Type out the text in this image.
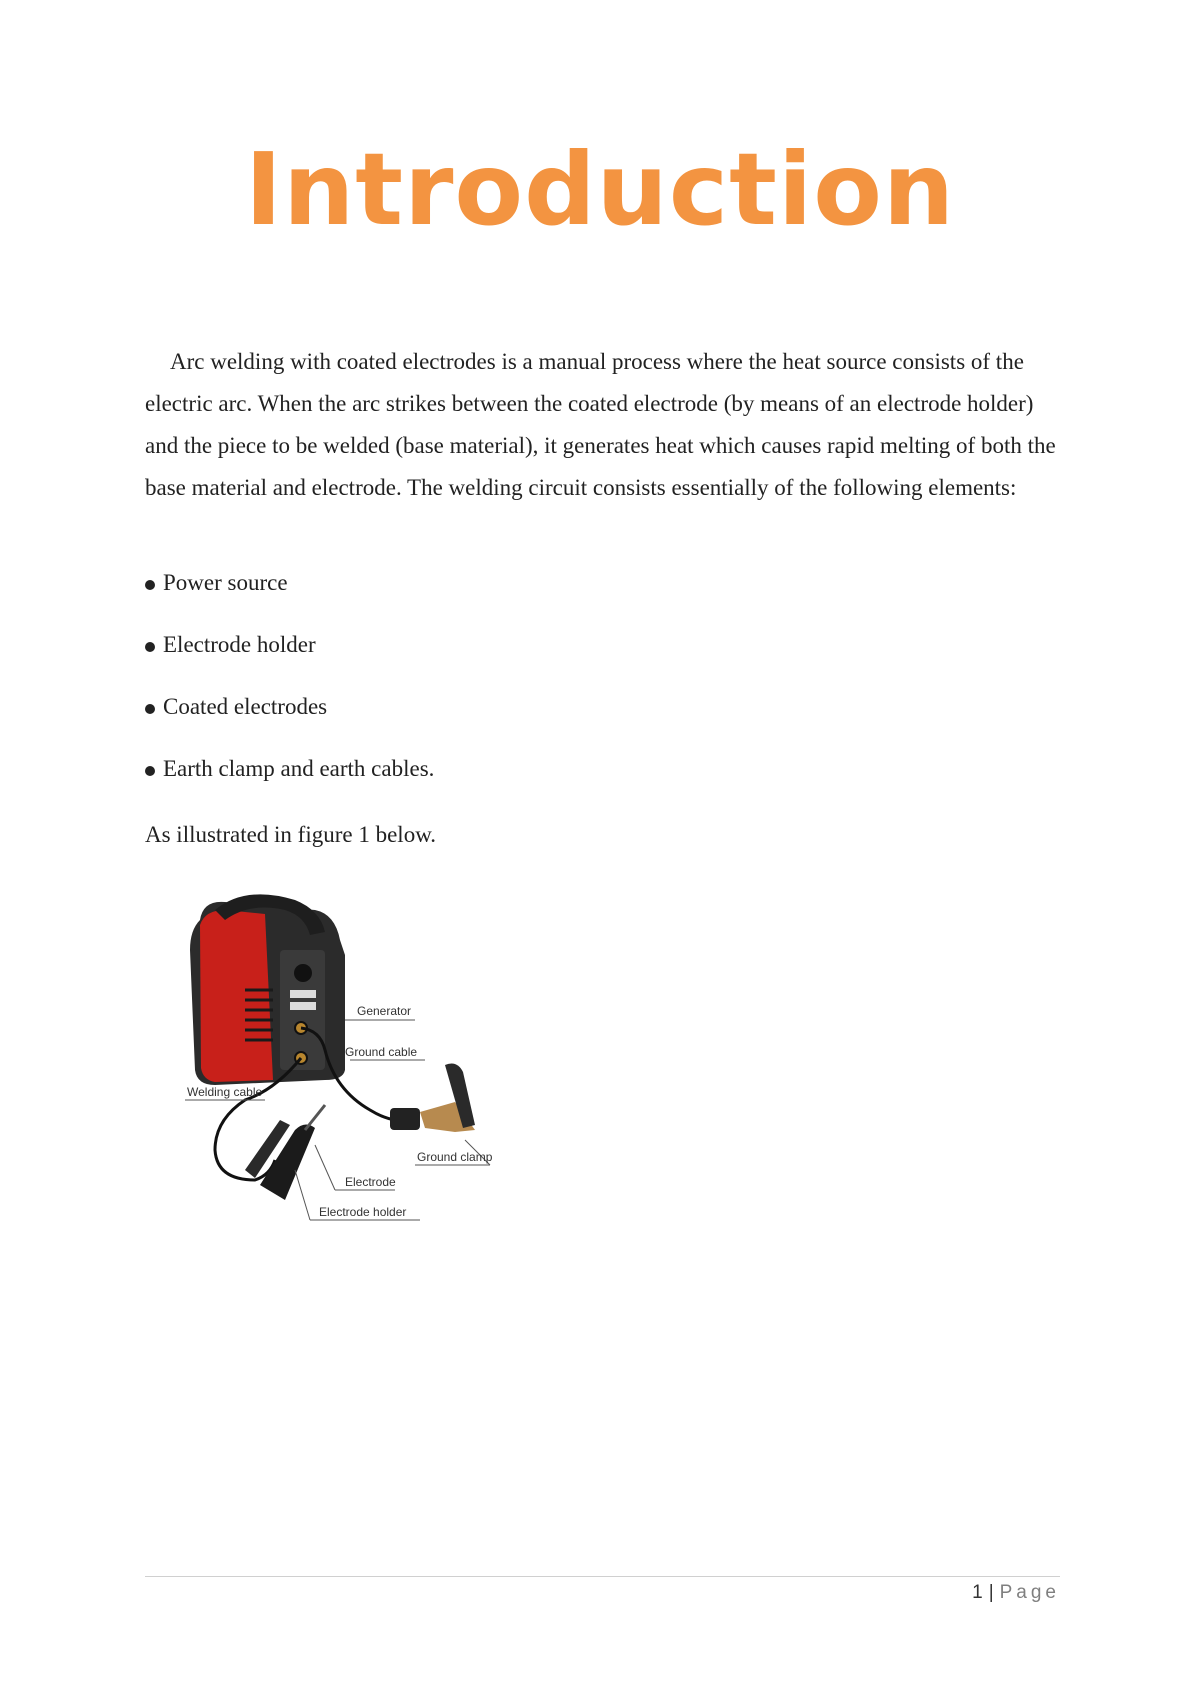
Introduction

Arc welding with coated electrodes is a manual process where the heat source consists of the electric arc. When the arc strikes between the coated electrode (by means of an electrode holder) and the piece to be welded (base material), it generates heat which causes rapid melting of both the base material and electrode. The welding circuit consists essentially of the following elements:

Power source
Electrode holder
Coated electrodes
Earth clamp and earth cables.

As illustrated in figure 1 below.

Generator
Ground cable
Welding cable
Ground clamp
Electrode
Electrode holder
1 | Page
